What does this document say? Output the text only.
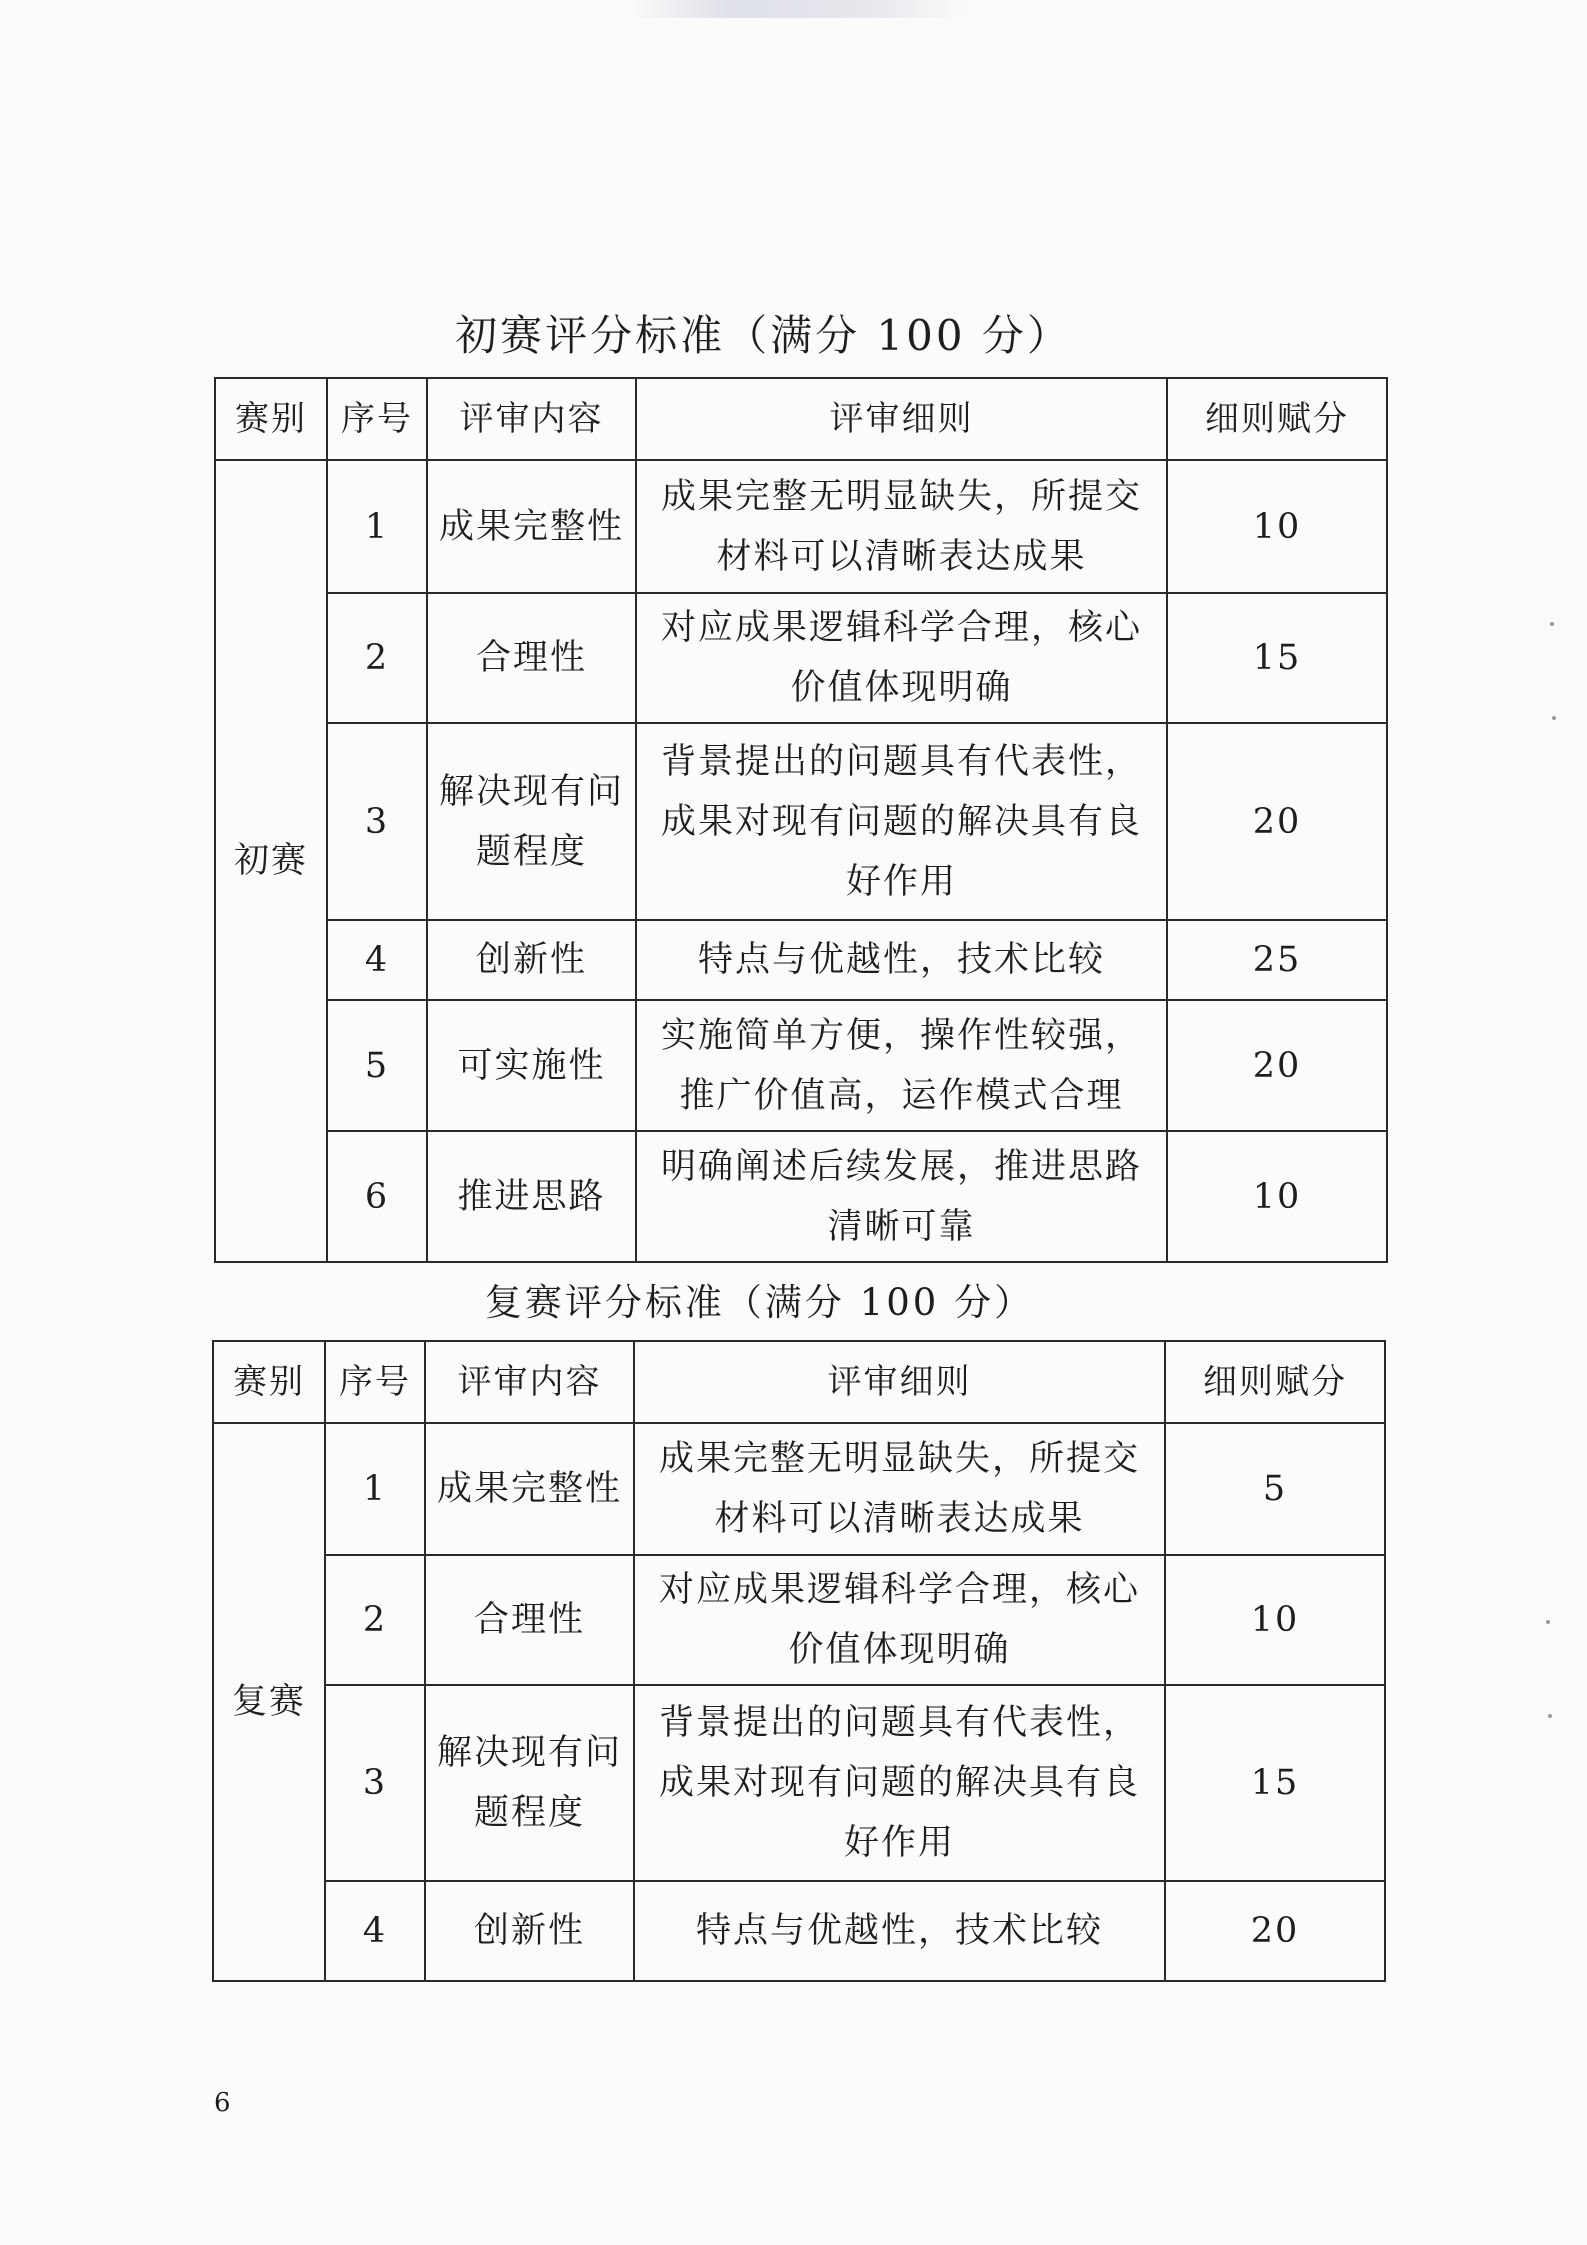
初赛评分标准（满分 100 分）
赛别	序号	评审内容	评审细则	细则赋分
初赛	1	成果完整性	成果完整无明显缺失，所提交材料可以清晰表达成果	10
	2	合理性	对应成果逻辑科学合理，核心价值体现明确	15
	3	解决现有问题程度	背景提出的问题具有代表性，成果对现有问题的解决具有良好作用	20
	4	创新性	特点与优越性，技术比较	25
	5	可实施性	实施简单方便，操作性较强，推广价值高，运作模式合理	20
	6	推进思路	明确阐述后续发展，推进思路清晰可靠	10
复赛评分标准（满分 100 分）
赛别	序号	评审内容	评审细则	细则赋分
复赛	1	成果完整性	成果完整无明显缺失，所提交材料可以清晰表达成果	5
	2	合理性	对应成果逻辑科学合理，核心价值体现明确	10
	3	解决现有问题程度	背景提出的问题具有代表性，成果对现有问题的解决具有良好作用	15
	4	创新性	特点与优越性，技术比较	20
6
